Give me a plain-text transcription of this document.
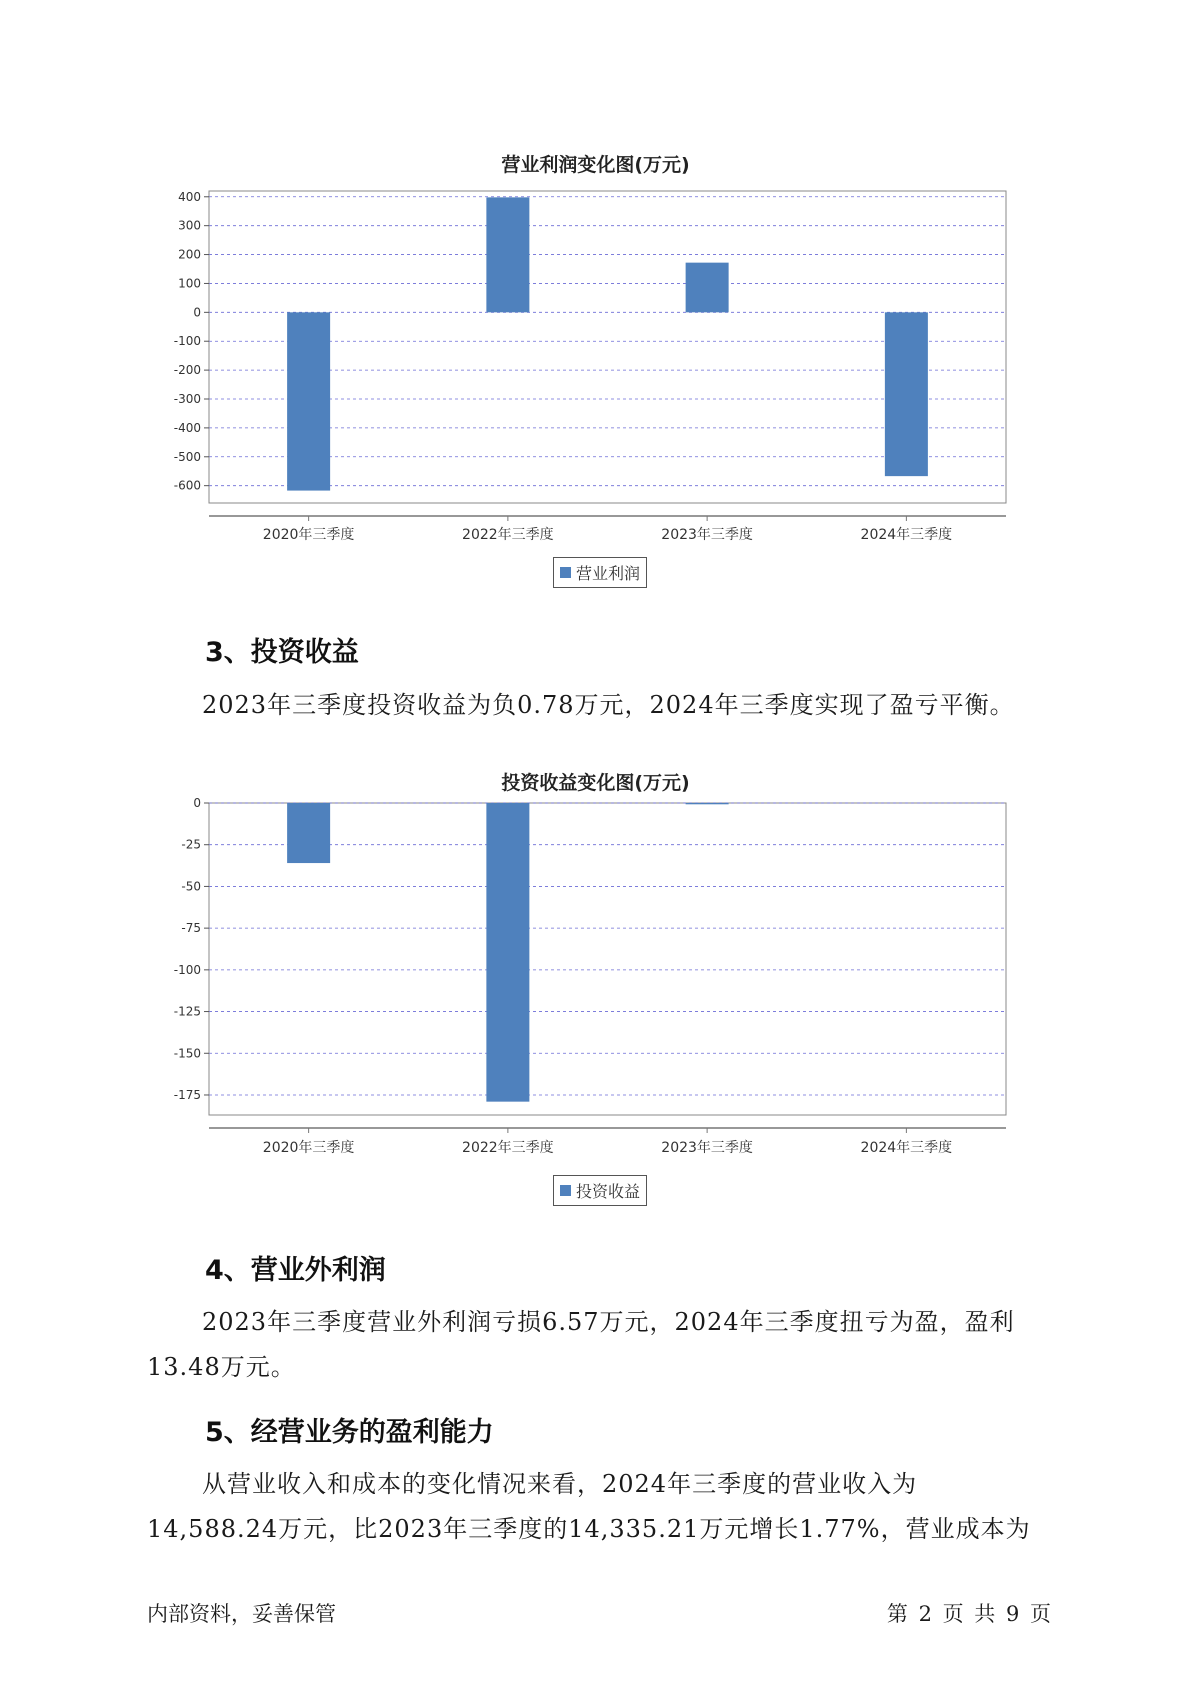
营业利润变化图(万元)
400
300
200
100
0
-100
-200
-300
-400
-500
-600
2020年三季度	2022年三季度	2023年三季度	2024年三季度
营业利润
3、投资收益
2023年三季度投资收益为负0.78万元，2024年三季度实现了盈亏平衡。
投资收益变化图(万元)
0
-25
-50
-75
-100
-125
-150
-175
2020年三季度	2022年三季度	2023年三季度	2024年三季度
投资收益
4、营业外利润
2023年三季度营业外利润亏损6.57万元，2024年三季度扭亏为盈，盈利13.48万元。
5、经营业务的盈利能力
从营业收入和成本的变化情况来看，2024年三季度的营业收入为14,588.24万元，比2023年三季度的14,335.21万元增长1.77%，营业成本为
内部资料，妥善保管	第 2 页 共 9 页
